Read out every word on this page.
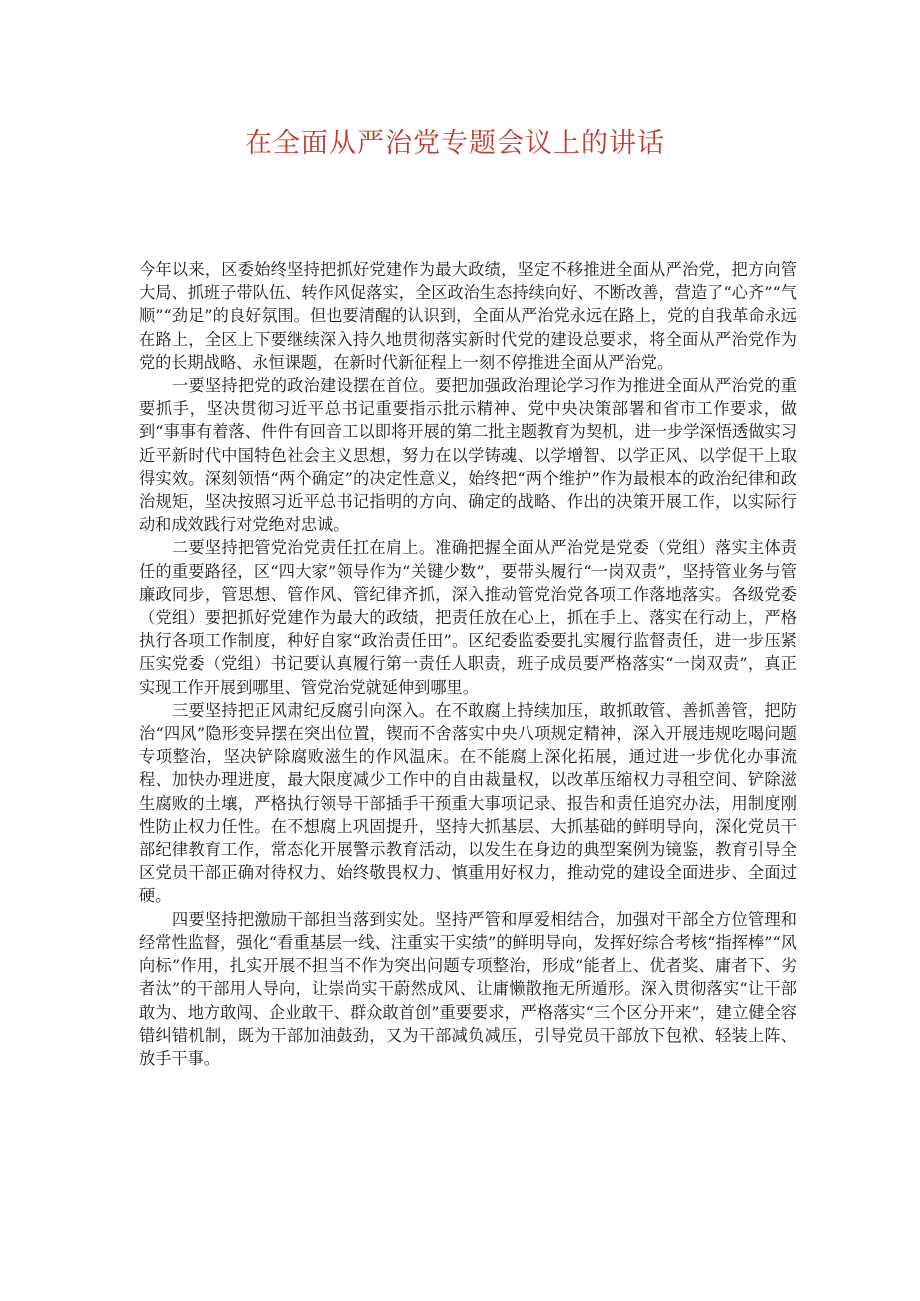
在全面从严治党专题会议上的讲话

今年以来，区委始终坚持把抓好党建作为最大政绩，坚定不移推进全面从严治党，把方向管大局、抓班子带队伍、转作风促落实，全区政治生态持续向好、不断改善，营造了“心齐”“气顺”“劲足”的良好氛围。但也要清醒的认识到，全面从严治党永远在路上，党的自我革命永远在路上，全区上下要继续深入持久地贯彻落实新时代党的建设总要求，将全面从严治党作为党的长期战略、永恒课题，在新时代新征程上一刻不停推进全面从严治党。

一要坚持把党的政治建设摆在首位。要把加强政治理论学习作为推进全面从严治党的重要抓手，坚决贯彻习近平总书记重要指示批示精神、党中央决策部署和省市工作要求，做到“事事有着落、件件有回音工以即将开展的第二批主题教育为契机，进一步学深悟透做实习近平新时代中国特色社会主义思想，努力在以学铸魂、以学增智、以学正风、以学促干上取得实效。深刻领悟“两个确定”的决定性意义，始终把“两个维护”作为最根本的政治纪律和政治规矩，坚决按照习近平总书记指明的方向、确定的战略、作出的决策开展工作，以实际行动和成效践行对党绝对忠诚。

二要坚持把管党治党责任扛在肩上。准确把握全面从严治党是党委（党组）落实主体责任的重要路径，区“四大家”领导作为“关键少数”，要带头履行“一岗双责”，坚持管业务与管廉政同步，管思想、管作风、管纪律齐抓，深入推动管党治党各项工作落地落实。各级党委（党组）要把抓好党建作为最大的政绩，把责任放在心上，抓在手上、落实在行动上，严格执行各项工作制度，种好自家“政治责任田”。区纪委监委要扎实履行监督责任，进一步压紧压实党委（党组）书记要认真履行第一责任人职责，班子成员要严格落实“一岗双责”，真正实现工作开展到哪里、管党治党就延伸到哪里。

三要坚持把正风肃纪反腐引向深入。在不敢腐上持续加压，敢抓敢管、善抓善管，把防治“四风”隐形变异摆在突出位置，锲而不舍落实中央八项规定精神，深入开展违规吃喝问题专项整治，坚决铲除腐败滋生的作风温床。在不能腐上深化拓展，通过进一步优化办事流程、加快办理进度，最大限度减少工作中的自由裁量权，以改革压缩权力寻租空间、铲除滋生腐败的土壤，严格执行领导干部插手干预重大事项记录、报告和责任追究办法，用制度刚性防止权力任性。在不想腐上巩固提升，坚持大抓基层、大抓基础的鲜明导向，深化党员干部纪律教育工作，常态化开展警示教育活动，以发生在身边的典型案例为镜鉴，教育引导全区党员干部正确对待权力、始终敬畏权力、慎重用好权力，推动党的建设全面进步、全面过硬。

四要坚持把激励干部担当落到实处。坚持严管和厚爱相结合，加强对干部全方位管理和经常性监督，强化“看重基层一线、注重实干实绩”的鲜明导向，发挥好综合考核“指挥棒”“风向标”作用，扎实开展不担当不作为突出问题专项整治，形成“能者上、优者奖、庸者下、劣者汰”的干部用人导向，让崇尚实干蔚然成风、让庸懒散拖无所遁形。深入贯彻落实“让干部敢为、地方敢闯、企业敢干、群众敢首创”重要要求，严格落实“三个区分开来”，建立健全容错纠错机制，既为干部加油鼓劲，又为干部减负减压，引导党员干部放下包袱、轻装上阵、放手干事。
